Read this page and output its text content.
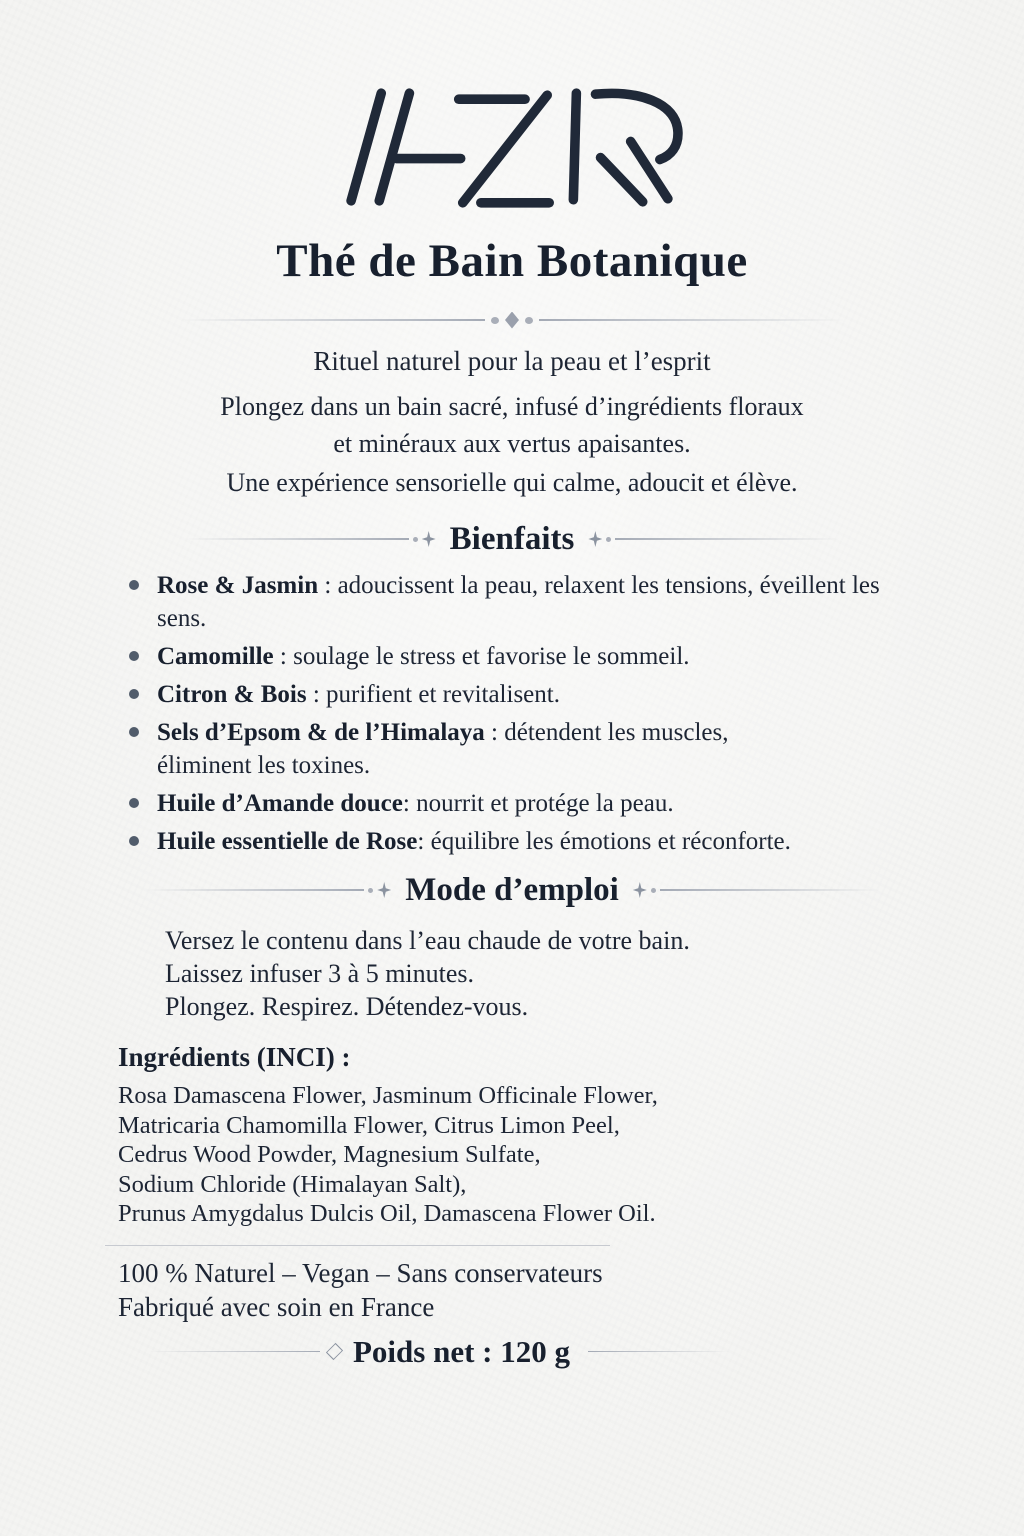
Thé de Bain Botanique

Rituel naturel pour la peau et l’esprit

Plongez dans un bain sacré, infusé d’ingrédients floraux

et minéraux aux vertus apaisantes.

Une expérience sensorielle qui calme, adoucit et élève.

Bienfaits
Rose & Jasmin : adoucissent la peau, relaxent les tensions, éveillent les sens.
Camomille : soulage le stress et favorise le sommeil.
Citron & Bois : purifient et revitalisent.
Sels d’Epsom & de l’Himalaya : détendent les muscles, éliminent les toxines.
Huile d’Amande douce: nourrit et protége la peau.
Huile essentielle de Rose: équilibre les émotions et réconforte.
Mode d’emploi

Versez le contenu dans l’eau chaude de votre bain.

Laissez infuser 3 à 5 minutes.

Plongez. Respirez. Détendez-vous.

Ingrédients (INCI) :

Rosa Damascena Flower, Jasminum Officinale Flower,

Matricaria Chamomilla Flower, Citrus Limon Peel,

Cedrus Wood Powder, Magnesium Sulfate,

Sodium Chloride (Himalayan Salt),

Prunus Amygdalus Dulcis Oil, Damascena Flower Oil.

100 % Naturel – Vegan – Sans conservateurs

Fabriqué avec soin en France

Poids net : 120 g
